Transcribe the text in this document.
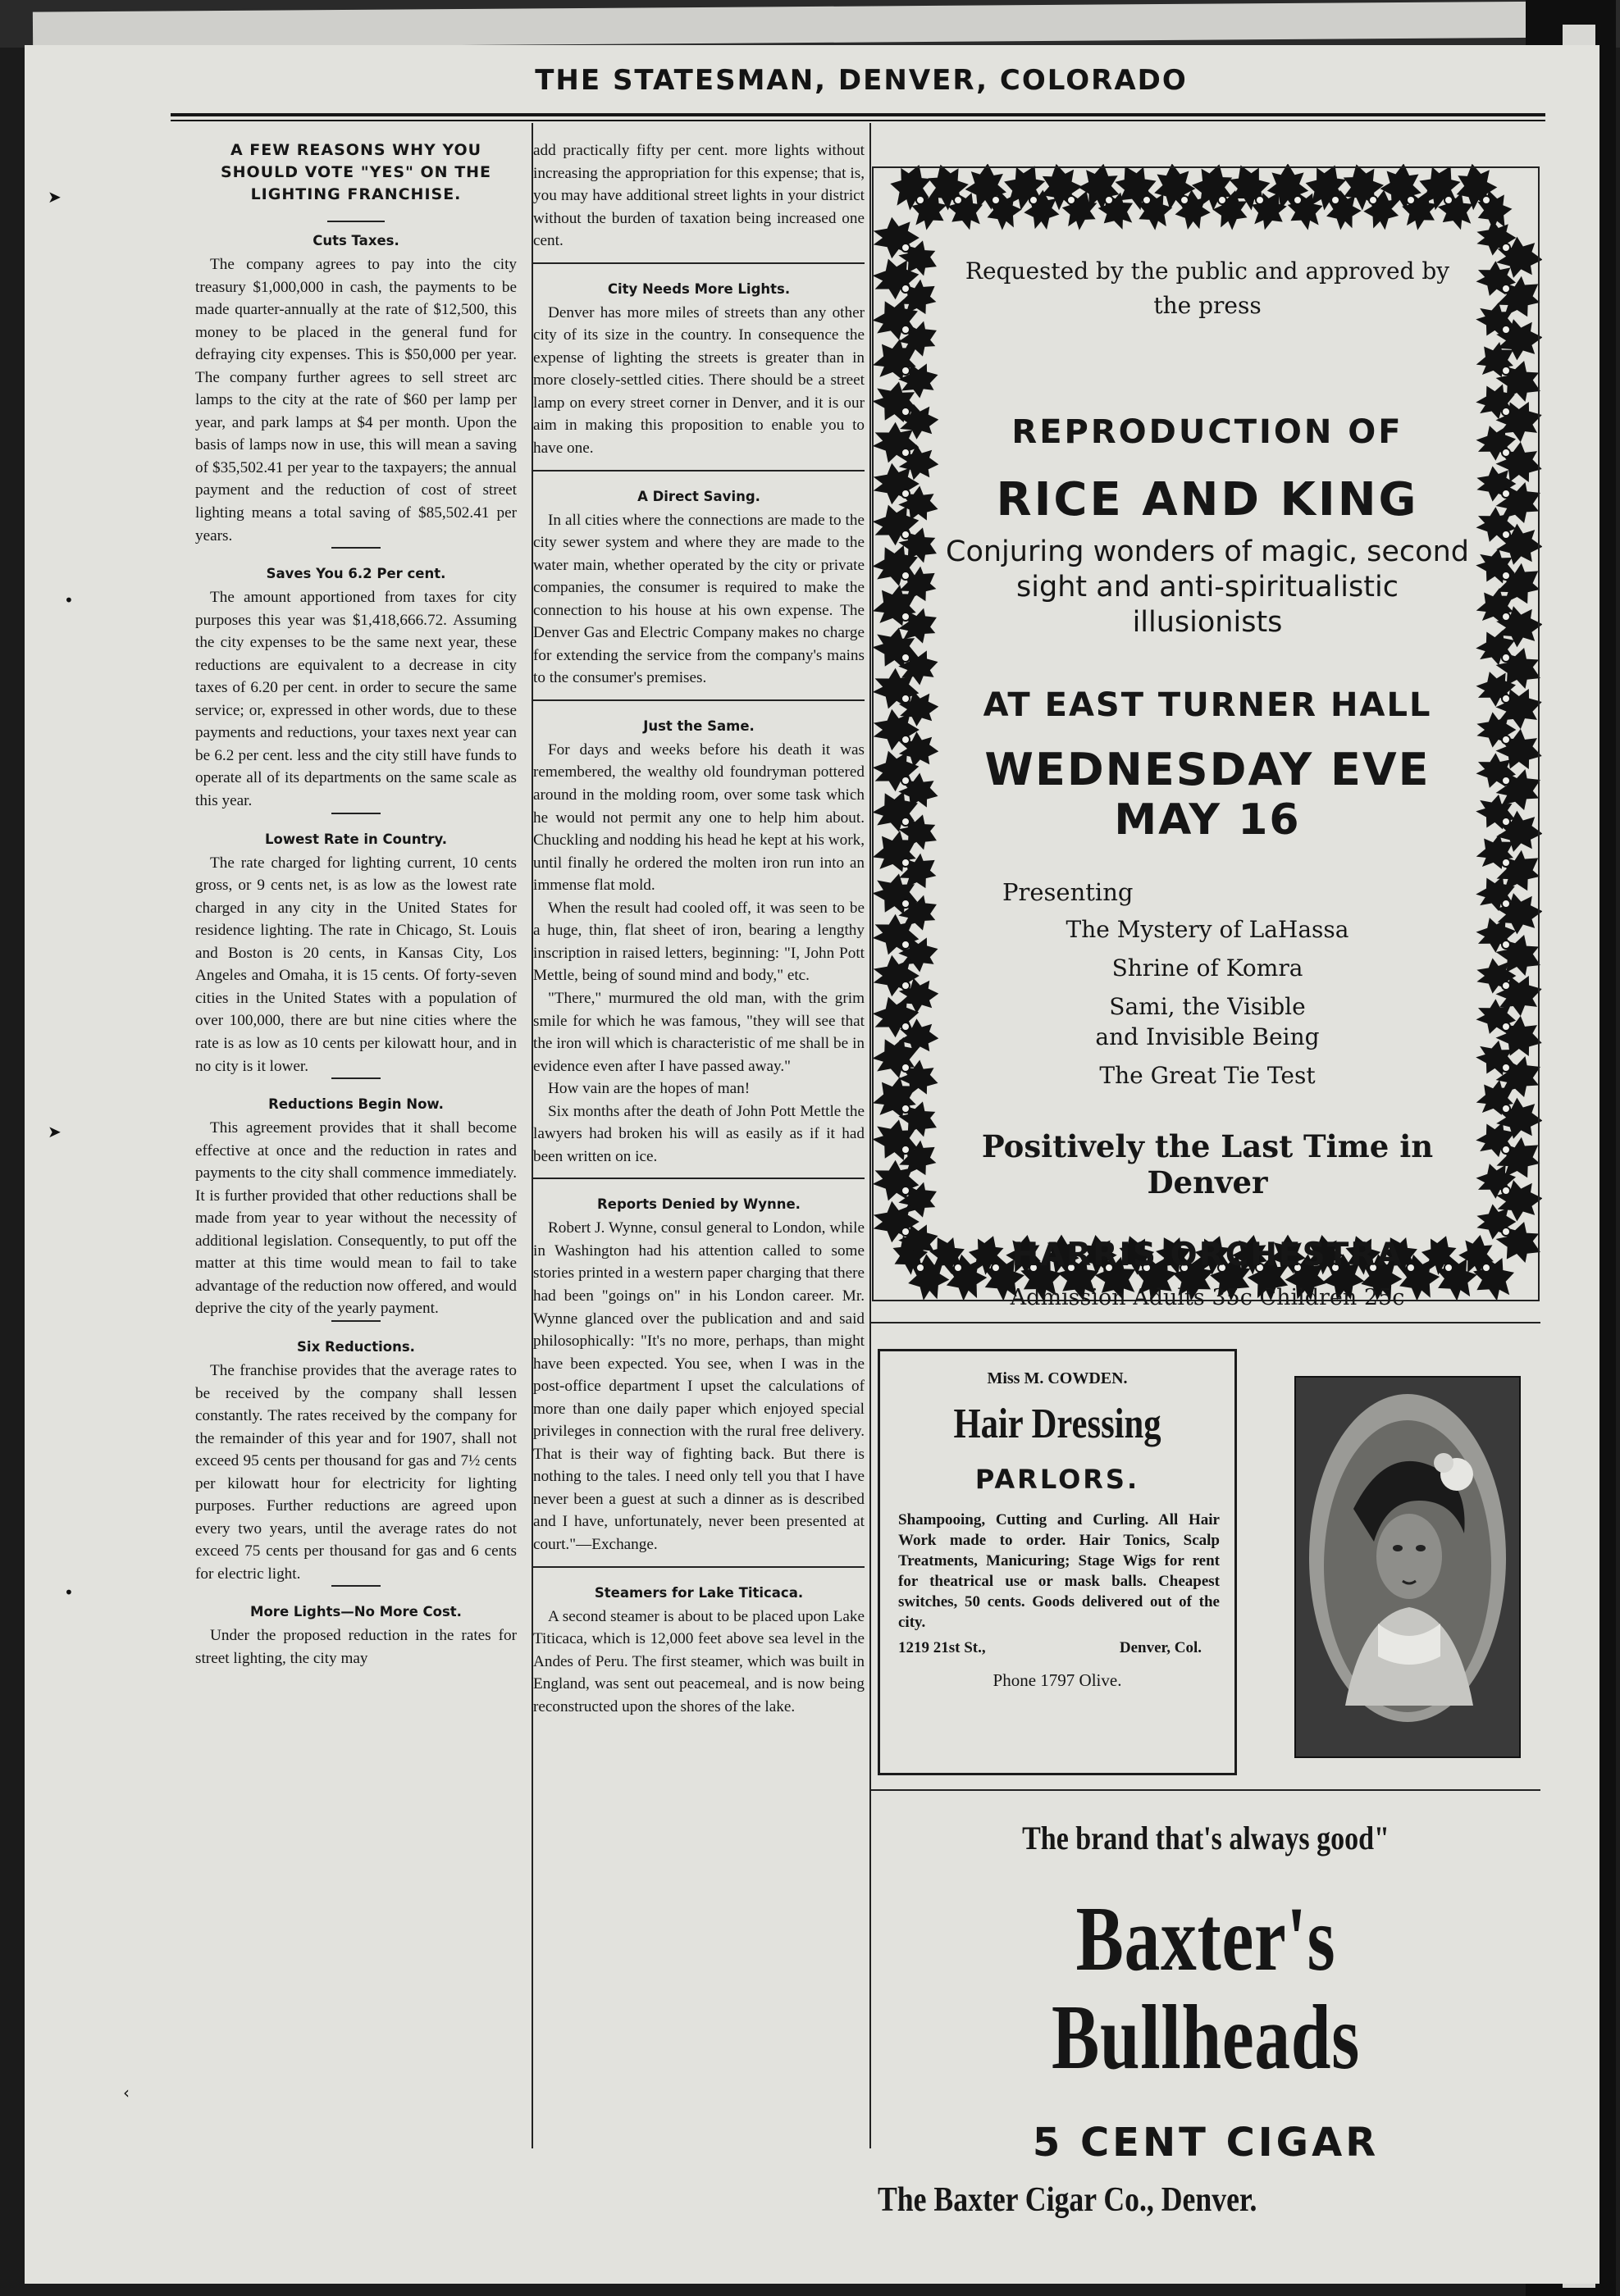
THE STATESMAN, DENVER, COLORADO
➤
•
➤
•
‹
A FEW REASONS WHY YOU SHOULD VOTE "YES" ON THE LIGHTING FRANCHISE.
Cuts Taxes.

The company agrees to pay into the city treasury $1,000,000 in cash, the payments to be made quarter-annually at the rate of $12,500, this money to be placed in the general fund for defraying city expenses. This is $50,000 per year. The company further agrees to sell street arc lamps to the city at the rate of $60 per lamp per year, and park lamps at $4 per month. Upon the basis of lamps now in use, this will mean a saving of $35,502.41 per year to the taxpayers; the annual payment and the reduction of cost of street lighting means a total saving of $85,502.41 per years.

Saves You 6.2 Per cent.

The amount apportioned from taxes for city purposes this year was $1,418,666.72. Assuming the city expenses to be the same next year, these reductions are equivalent to a decrease in city taxes of 6.20 per cent. in order to secure the same service; or, expressed in other words, due to these payments and reductions, your taxes next year can be 6.2 per cent. less and the city still have funds to operate all of its departments on the same scale as this year.

Lowest Rate in Country.

The rate charged for lighting current, 10 cents gross, or 9 cents net, is as low as the lowest rate charged in any city in the United States for residence lighting. The rate in Chicago, St. Louis and Boston is 20 cents, in Kansas City, Los Angeles and Omaha, it is 15 cents. Of forty-seven cities in the United States with a population of over 100,000, there are but nine cities where the rate is as low as 10 cents per kilowatt hour, and in no city is it lower.

Reductions Begin Now.

This agreement provides that it shall become effective at once and the reduction in rates and payments to the city shall commence immediately. It is further provided that other reductions shall be made from year to year without the necessity of additional legislation. Consequently, to put off the matter at this time would mean to fail to take advantage of the reduction now offered, and would deprive the city of the yearly payment.

Six Reductions.

The franchise provides that the average rates to be received by the company shall lessen constantly. The rates received by the company for the remainder of this year and for 1907, shall not exceed 95 cents per thousand for gas and 7½ cents per kilowatt hour for electricity for lighting purposes. Further reductions are agreed upon every two years, until the average rates do not exceed 75 cents per thousand for gas and 6 cents for electric light.

More Lights—No More Cost.

Under the proposed reduction in the rates for street lighting, the city may

add practically fifty per cent. more lights without increasing the appropriation for this expense; that is, you may have additional street lights in your district without the burden of taxation being increased one cent.

City Needs More Lights.

Denver has more miles of streets than any other city of its size in the country. In consequence the expense of lighting the streets is greater than in more closely-settled cities. There should be a street lamp on every street corner in Denver, and it is our aim in making this proposition to enable you to have one.

A Direct Saving.

In all cities where the connections are made to the city sewer system and where they are made to the water main, whether operated by the city or private companies, the consumer is required to make the connection to his house at his own expense. The Denver Gas and Electric Company makes no charge for extending the service from the company's mains to the consumer's premises.

Just the Same.

For days and weeks before his death it was remembered, the wealthy old foundryman pottered around in the molding room, over some task which he would not permit any one to help him about. Chuckling and nodding his head he kept at his work, until finally he ordered the molten iron run into an immense flat mold.

When the result had cooled off, it was seen to be a huge, thin, flat sheet of iron, bearing a lengthy inscription in raised letters, beginning: "I, John Pott Mettle, being of sound mind and body," etc.

"There," murmured the old man, with the grim smile for which he was famous, "they will see that the iron will which is characteristic of me shall be in evidence even after I have passed away."

How vain are the hopes of man!

Six months after the death of John Pott Mettle the lawyers had broken his will as easily as if it had been written on ice.

Reports Denied by Wynne.

Robert J. Wynne, consul general to London, while in Washington had his attention called to some stories printed in a western paper charging that there had been "goings on" in his London career. Mr. Wynne glanced over the publication and and said philosophically: "It's no more, perhaps, than might have been expected. You see, when I was in the post-office department I upset the calculations of more than one daily paper which enjoyed special privileges in connection with the rural free delivery. That is their way of fighting back. But there is nothing to the tales. I need only tell you that I have never been a guest at such a dinner as is described and I have, unfortunately, never been presented at court."—Exchange.

Steamers for Lake Titicaca.

A second steamer is about to be placed upon Lake Titicaca, which is 12,000 feet above sea level in the Andes of Peru. The first steamer, which was built in England, was sent out peacemeal, and is now being reconstructed upon the shores of the lake.

Requested by the public and approved by the press
REPRODUCTION OF
RICE AND KING
Conjuring wonders of magic, second sight and anti-spiritualistic illusionists
AT EAST TURNER HALL
WEDNESDAY EVE
MAY 16
Presenting
The Mystery of LaHassa
Shrine of Komra
Sami, the Visible and Invisible Being
The Great Tie Test
Positively the Last Time in Denver
HARRIS ORCHESTRA
Admission Adults 35c Children 25c
Miss M. COWDEN.
Hair Dressing
PARLORS.
Shampooing, Cutting and Curling. All Hair Work made to order. Hair Tonics, Scalp Treatments, Manicuring; Stage Wigs for rent for theatrical use or mask balls. Cheapest switches, 50 cents. Goods delivered out of the city.
1219 21st St.,	Denver, Col.
Phone 1797 Olive.
The brand that's always good"
Baxter's Bullheads
5 CENT CIGAR
The Baxter Cigar Co., Denver.
